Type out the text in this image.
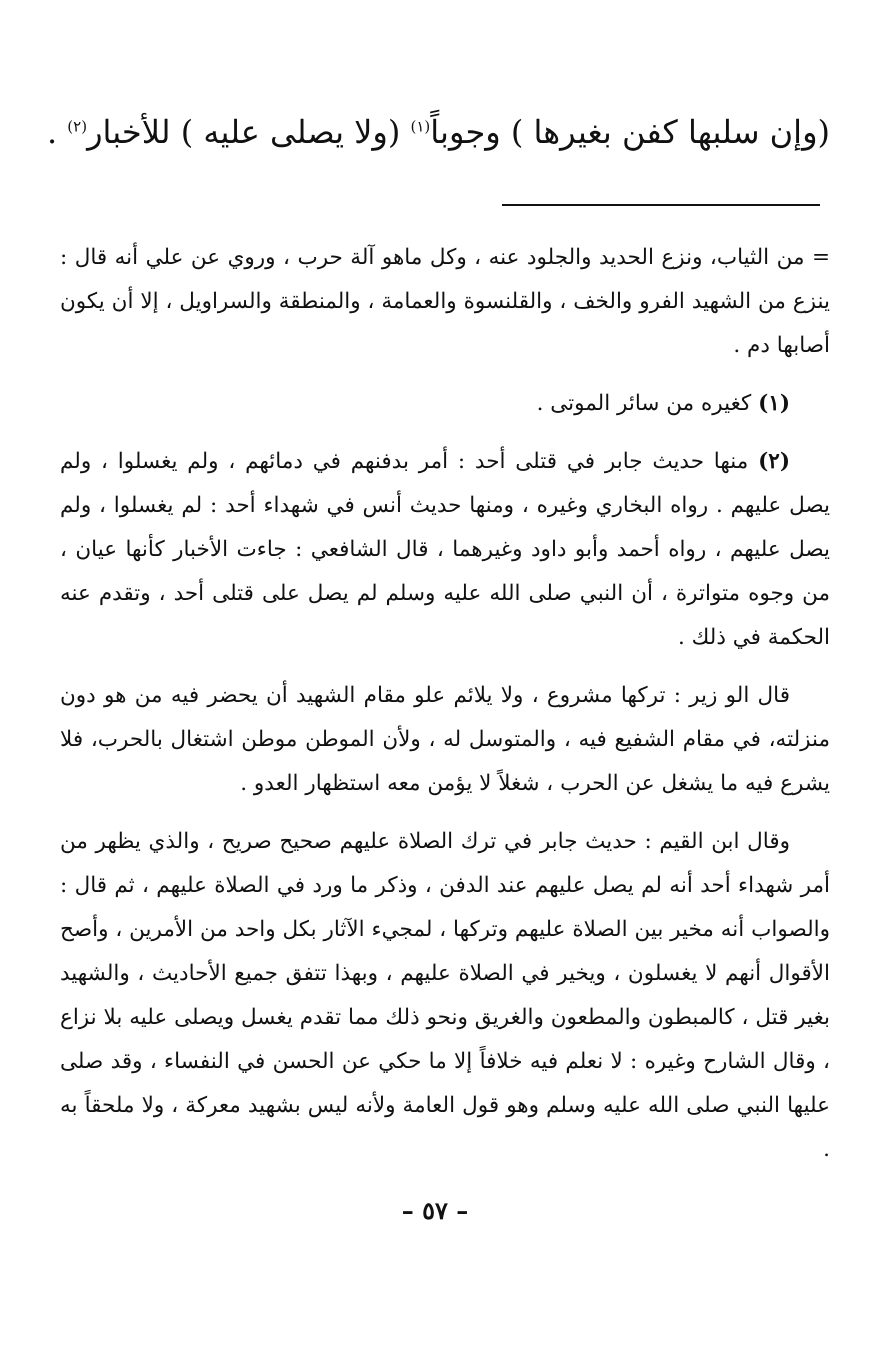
(وإن سلبها كفن بغيرها ) وجوباً$^{(١)}$ (ولا يصلى عليه ) للأخبار$^{(٢)}$ .

= من الثياب، ونزع الحديد والجلود عنه ، وكل ماهو آلة حرب ، وروي عن علي أنه قال : ينزع من الشهيد الفرو والخف ، والقلنسوة والعمامة ، والمنطقة والسراويل ، إلا أن يكون أصابها دم .

(١) كغيره من سائر الموتى .

(٢) منها حديث جابر في قتلى أحد : أمر بدفنهم في دمائهم ، ولم يغسلوا ، ولم يصل عليهم . رواه البخاري وغيره ، ومنها حديث أنس في شهداء أحد : لم يغسلوا ، ولم يصل عليهم ، رواه أحمد وأبو داود وغيرهما ، قال الشافعي : جاءت الأخبار كأنها عيان ، من وجوه متواترة ، أن النبي صلى الله عليه وسلم لم يصل على قتلى أحد ، وتقدم عنه الحكمة في ذلك .

قال الو زير : تركها مشروع ، ولا يلائم علو مقام الشهيد أن يحضر فيه من هو دون منزلته، في مقام الشفيع فيه ، والمتوسل له ، ولأن الموطن موطن اشتغال بالحرب، فلا يشرع فيه ما يشغل عن الحرب ، شغلاً لا يؤمن معه استظهار العدو .

وقال ابن القيم : حديث جابر في ترك الصلاة عليهم صحيح صريح ، والذي يظهر من أمر شهداء أحد أنه لم يصل عليهم عند الدفن ، وذكر ما ورد في الصلاة عليهم ، ثم قال : والصواب أنه مخير بين الصلاة عليهم وتركها ، لمجيء الآثار بكل واحد من الأمرين ، وأصح الأقوال أنهم لا يغسلون ، ويخير في الصلاة عليهم ، وبهذا تتفق جميع الأحاديث ، والشهيد بغير قتل ، كالمبطون والمطعون والغريق ونحو ذلك مما تقدم يغسل ويصلى عليه بلا نزاع ، وقال الشارح وغيره : لا نعلم فيه خلافاً إلا ما حكي عن الحسن في النفساء ، وقد صلى عليها النبي صلى الله عليه وسلم وهو قول العامة ولأنه ليس بشهيد معركة ، ولا ملحقاً به .

– ٥٧ –
